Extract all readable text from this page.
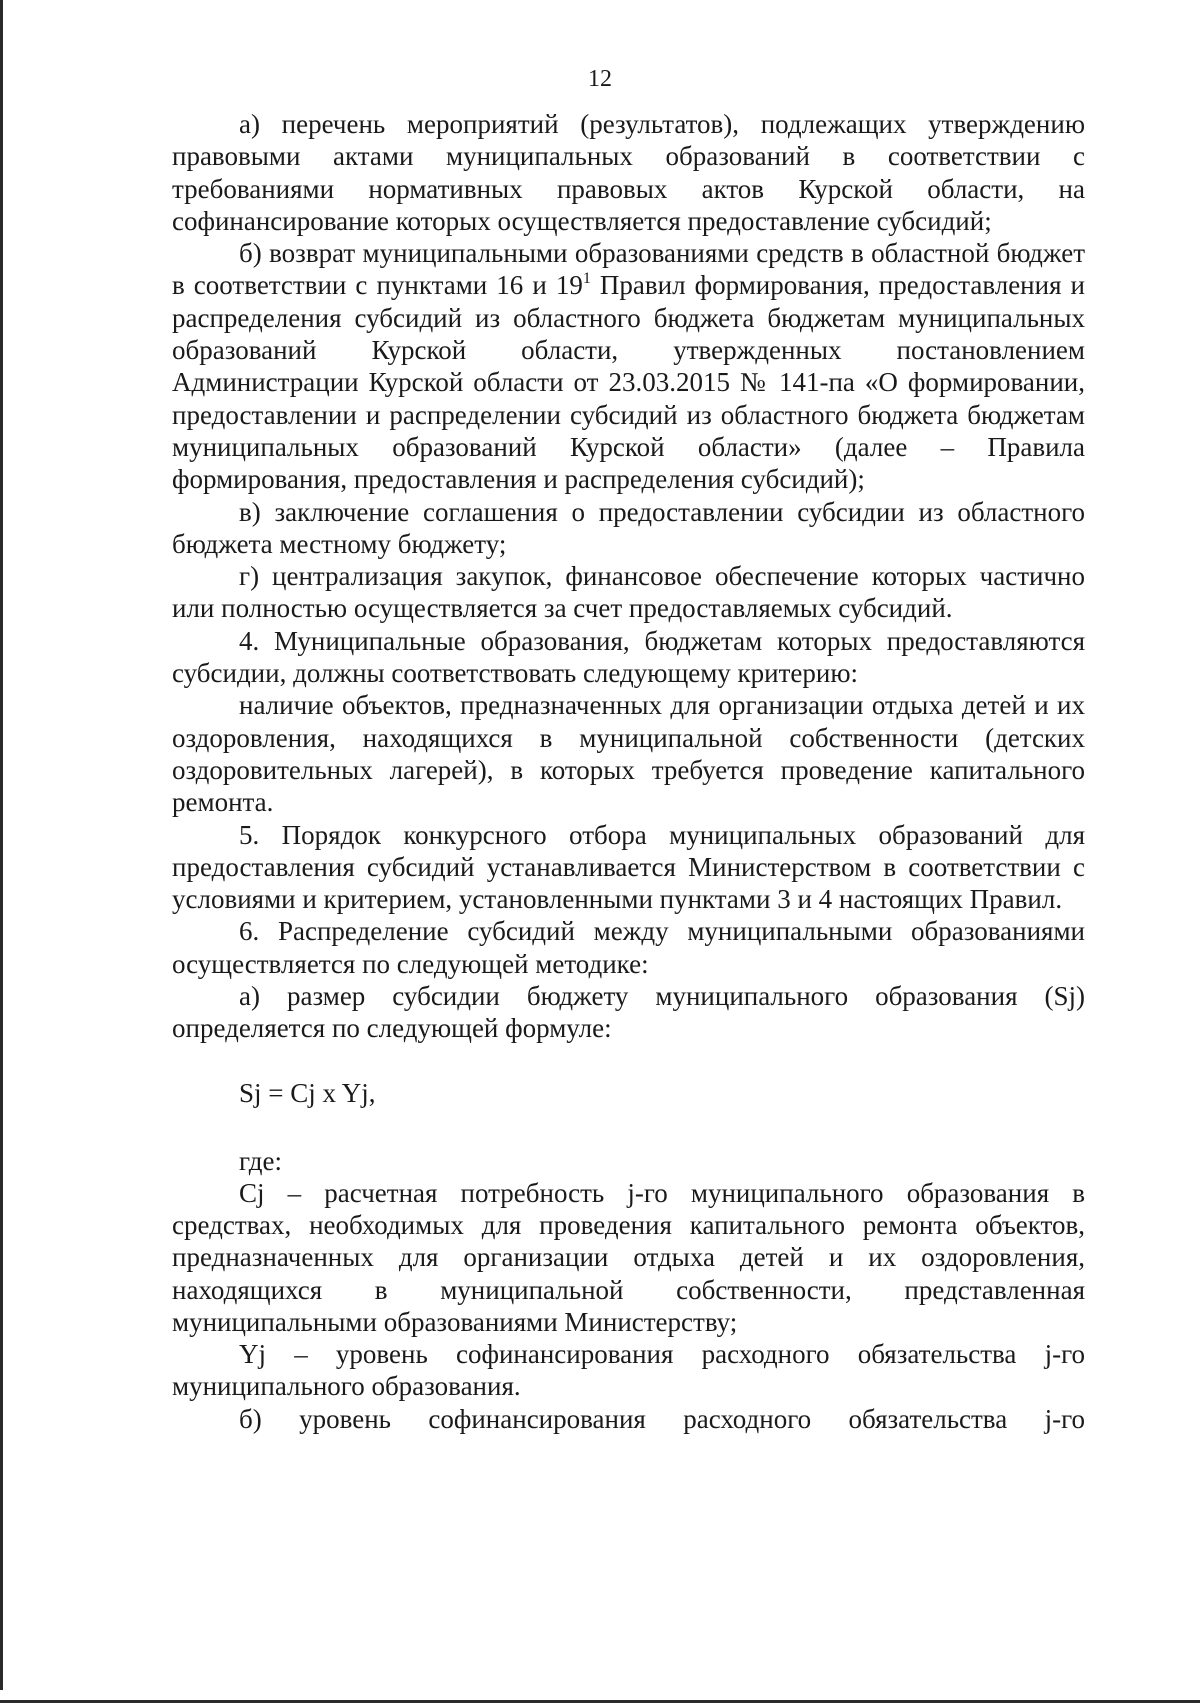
12

а) перечень мероприятий (результатов), подлежащих утверждению правовыми актами муниципальных образований в соответствии с требованиями нормативных правовых актов Курской области, на софинансирование которых осуществляется предоставление субсидий;

б) возврат муниципальными образованиями средств в областной бюджет в соответствии с пунктами 16 и $19^1$ Правил формирования, предоставления и распределения субсидий из областного бюджета бюджетам муниципальных образований Курской области, утвержденных постановлением Администрации Курской области от 23.03.2015 № 141-па «О формировании, предоставлении и распределении субсидий из областного бюджета бюджетам муниципальных образований Курской области» (далее – Правила формирования, предоставления и распределения субсидий);

в) заключение соглашения о предоставлении субсидии из областного бюджета местному бюджету;

г) централизация закупок, финансовое обеспечение которых частично или полностью осуществляется за счет предоставляемых субсидий.

4. Муниципальные образования, бюджетам которых предоставляются субсидии, должны соответствовать следующему критерию:

наличие объектов, предназначенных для организации отдыха детей и их оздоровления, находящихся в муниципальной собственности (детских оздоровительных лагерей), в которых требуется проведение капитального ремонта.

5. Порядок конкурсного отбора муниципальных образований для предоставления субсидий устанавливается Министерством в соответствии с условиями и критерием, установленными пунктами 3 и 4 настоящих Правил.

6. Распределение субсидий между муниципальными образованиями осуществляется по следующей методике:

а) размер субсидии бюджету муниципального образования (Sj) определяется по следующей формуле:

Sj = Cj x Yj,
где:

Cj – расчетная потребность j-го муниципального образования в средствах, необходимых для проведения капитального ремонта объектов, предназначенных для организации отдыха детей и их оздоровления, находящихся в муниципальной собственности, представленная муниципальными образованиями Министерству;

Yj – уровень софинансирования расходного обязательства j-го муниципального образования.

б) уровень софинансирования расходного обязательства j-го
